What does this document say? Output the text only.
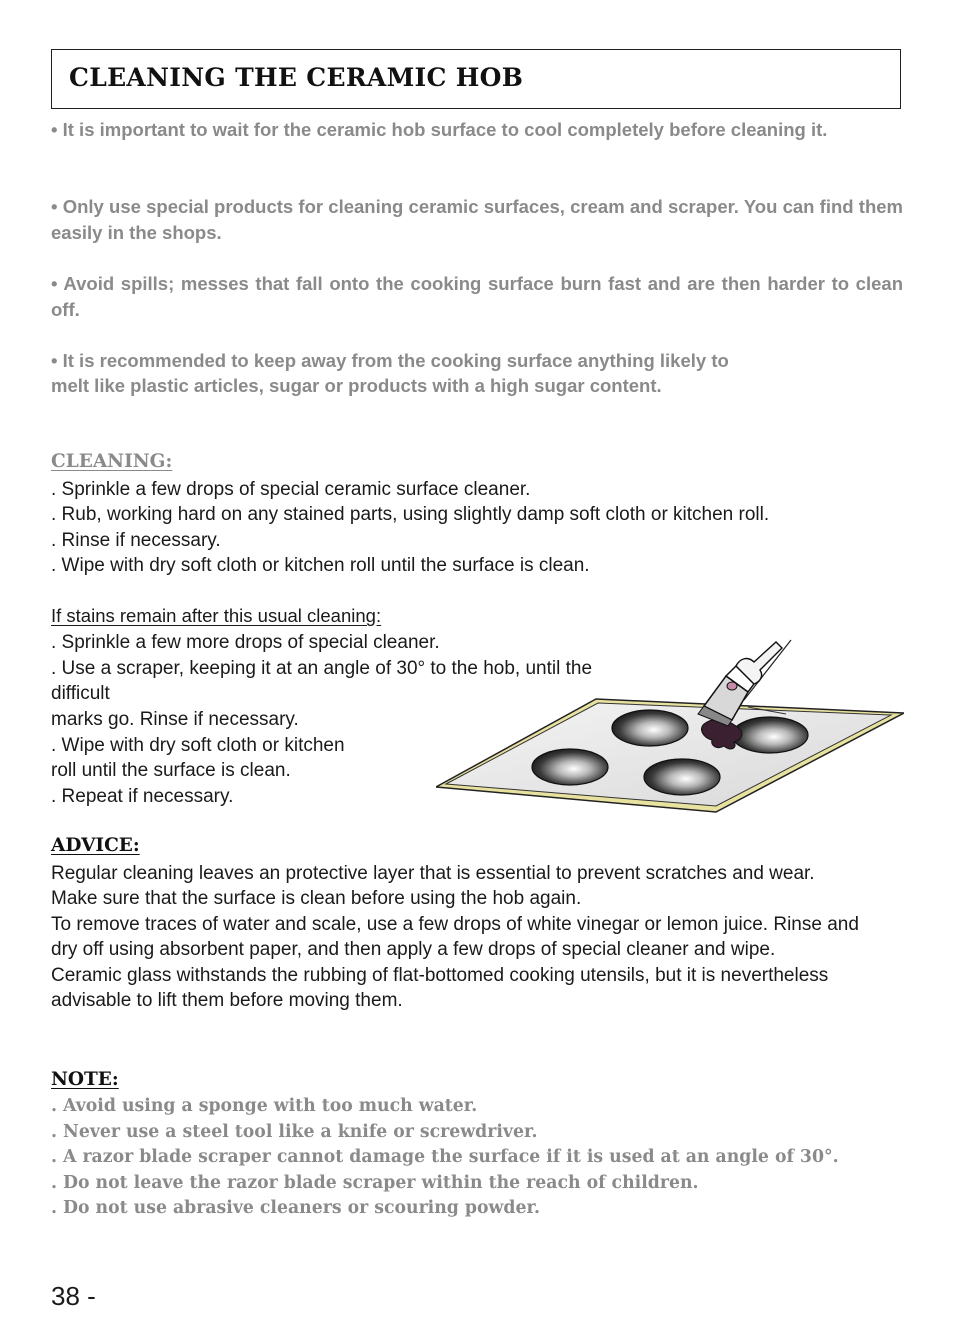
CLEANING THE CERAMIC HOB

• It is important to wait for the ceramic hob surface to cool completely before cleaning it.

• Only use special products for cleaning ceramic surfaces, cream and scraper. You can find them easily in the shops.

• Avoid spills; messes that fall onto the cooking surface burn fast and are then harder to clean off.

• It is recommended to keep away from the cooking surface anything likely to

melt like plastic articles, sugar or products with a high sugar content.

CLEANING:

. Sprinkle a few drops of special ceramic surface cleaner.

. Rub, working hard on any stained parts, using slightly damp soft cloth or kitchen roll.

. Rinse if necessary.

. Wipe with dry soft cloth or kitchen roll until the surface is clean.

If stains remain after this usual cleaning:

. Sprinkle a few more drops of special cleaner.

. Use a scraper, keeping it at an angle of 30° to the hob, until the

difficult

marks go. Rinse if necessary.

. Wipe with dry soft cloth or kitchen

roll until the surface is clean.

. Repeat if necessary.

ADVICE:

Regular cleaning leaves an protective layer that is essential to prevent scratches and wear.

Make sure that the surface is clean before using the hob again.

To remove traces of water and scale, use a few drops of white vinegar or lemon juice. Rinse and

dry off using absorbent paper, and then apply a few drops of special cleaner and wipe.

Ceramic glass withstands the rubbing of flat-bottomed cooking utensils, but it is nevertheless

advisable to lift them before moving them.

NOTE:

. Avoid using a sponge with too much water.

. Never use a steel tool like a knife or screwdriver.

. A razor blade scraper cannot damage the surface if it is used at an angle of 30°.

. Do not leave the razor blade scraper within the reach of children.

. Do not use abrasive cleaners or scouring powder.

38 -
